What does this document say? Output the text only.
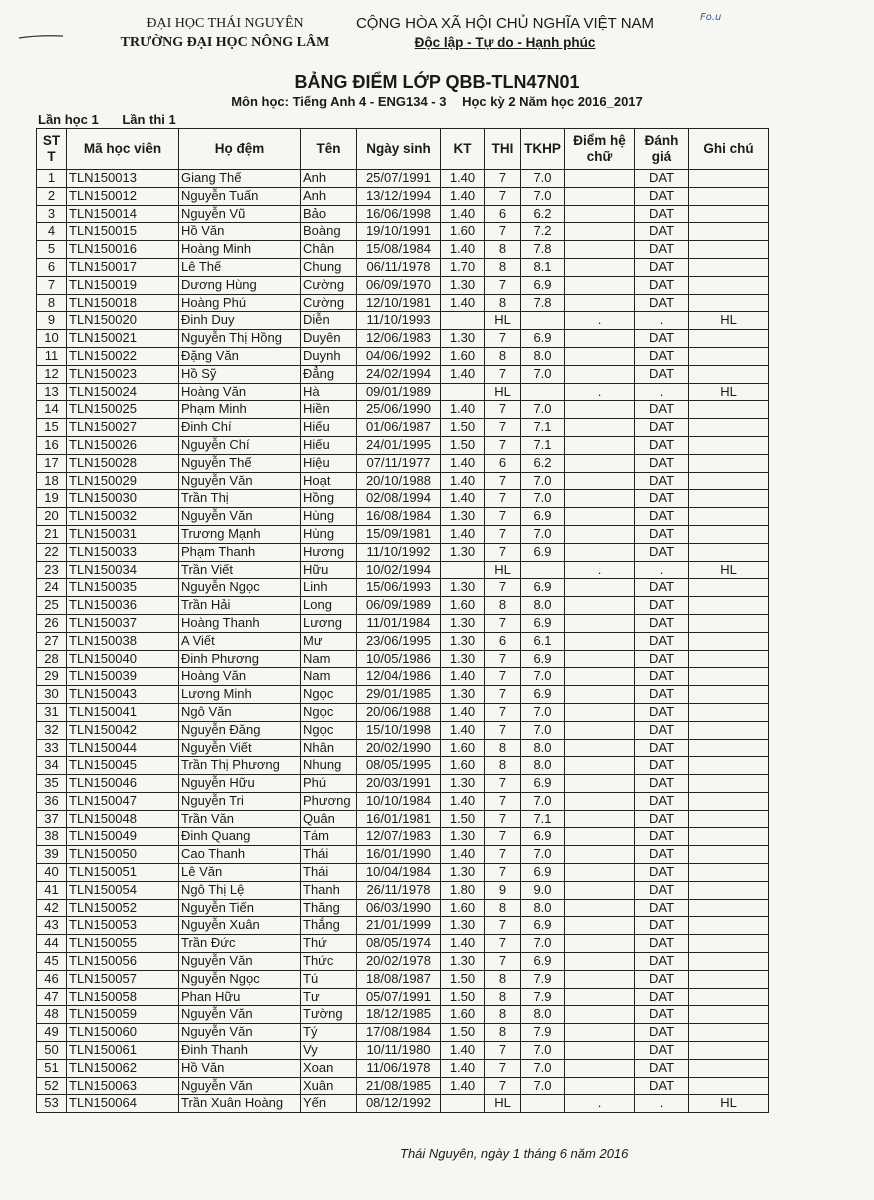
ĐẠI HỌC THÁI NGUYÊN
TRƯỜNG ĐẠI HỌC NÔNG LÂM
CỘNG HÒA XÃ HỘI CHỦ NGHĨA VIỆT NAM
Độc lập - Tự do - Hạnh phúc
Fo.u
BẢNG ĐIỂM LỚP QBB-TLN47N01
Môn học: Tiếng Anh 4 - ENG134 - 3 Học kỳ 2 Năm học 2016_2017
Lần học 1 Lần thi 1
ST T	Mã học viên	Họ đệm	Tên	Ngày sinh	KT	THI	TKHP	Điểm hệ chữ	Đánh giá	Ghi chú
1	TLN150013	Giang Thế	Anh	25/07/1991	1.40	7	7.0		DAT	
2	TLN150012	Nguyễn Tuấn	Anh	13/12/1994	1.40	7	7.0		DAT	
3	TLN150014	Nguyễn Vũ	Bảo	16/06/1998	1.40	6	6.2		DAT	
4	TLN150015	Hồ Văn	Boàng	19/10/1991	1.60	7	7.2		DAT	
5	TLN150016	Hoàng Minh	Chân	15/08/1984	1.40	8	7.8		DAT	
6	TLN150017	Lê Thế	Chung	06/11/1978	1.70	8	8.1		DAT	
7	TLN150019	Dương Hùng	Cường	06/09/1970	1.30	7	6.9		DAT	
8	TLN150018	Hoàng Phú	Cường	12/10/1981	1.40	8	7.8		DAT	
9	TLN150020	Đinh Duy	Diễn	11/10/1993		HL		.	.	HL
10	TLN150021	Nguyễn Thị Hồng	Duyên	12/06/1983	1.30	7	6.9		DAT	
11	TLN150022	Đặng Văn	Duynh	04/06/1992	1.60	8	8.0		DAT	
12	TLN150023	Hồ Sỹ	Đẳng	24/02/1994	1.40	7	7.0		DAT	
13	TLN150024	Hoàng Văn	Hà	09/01/1989		HL		.	.	HL
14	TLN150025	Phạm Minh	Hiền	25/06/1990	1.40	7	7.0		DAT	
15	TLN150027	Đinh Chí	Hiếu	01/06/1987	1.50	7	7.1		DAT	
16	TLN150026	Nguyễn Chí	Hiếu	24/01/1995	1.50	7	7.1		DAT	
17	TLN150028	Nguyễn Thế	Hiệu	07/11/1977	1.40	6	6.2		DAT	
18	TLN150029	Nguyễn Văn	Hoạt	20/10/1988	1.40	7	7.0		DAT	
19	TLN150030	Trần Thị	Hồng	02/08/1994	1.40	7	7.0		DAT	
20	TLN150032	Nguyễn Văn	Hùng	16/08/1984	1.30	7	6.9		DAT	
21	TLN150031	Trương Mạnh	Hùng	15/09/1981	1.40	7	7.0		DAT	
22	TLN150033	Phạm Thanh	Hương	11/10/1992	1.30	7	6.9		DAT	
23	TLN150034	Trần Viết	Hữu	10/02/1994		HL		.	.	HL
24	TLN150035	Nguyễn Ngọc	Linh	15/06/1993	1.30	7	6.9		DAT	
25	TLN150036	Trần Hải	Long	06/09/1989	1.60	8	8.0		DAT	
26	TLN150037	Hoàng Thanh	Lương	11/01/1984	1.30	7	6.9		DAT	
27	TLN150038	A Viết	Mư	23/06/1995	1.30	6	6.1		DAT	
28	TLN150040	Đinh Phương	Nam	10/05/1986	1.30	7	6.9		DAT	
29	TLN150039	Hoàng Văn	Nam	12/04/1986	1.40	7	7.0		DAT	
30	TLN150043	Lương Minh	Ngọc	29/01/1985	1.30	7	6.9		DAT	
31	TLN150041	Ngô Văn	Ngọc	20/06/1988	1.40	7	7.0		DAT	
32	TLN150042	Nguyễn Đăng	Ngọc	15/10/1998	1.40	7	7.0		DAT	
33	TLN150044	Nguyễn Viết	Nhân	20/02/1990	1.60	8	8.0		DAT	
34	TLN150045	Trần Thị Phương	Nhung	08/05/1995	1.60	8	8.0		DAT	
35	TLN150046	Nguyễn Hữu	Phú	20/03/1991	1.30	7	6.9		DAT	
36	TLN150047	Nguyễn Tri	Phương	10/10/1984	1.40	7	7.0		DAT	
37	TLN150048	Trần Văn	Quân	16/01/1981	1.50	7	7.1		DAT	
38	TLN150049	Đinh Quang	Tám	12/07/1983	1.30	7	6.9		DAT	
39	TLN150050	Cao Thanh	Thái	16/01/1990	1.40	7	7.0		DAT	
40	TLN150051	Lê Văn	Thái	10/04/1984	1.30	7	6.9		DAT	
41	TLN150054	Ngô Thị Lệ	Thanh	26/11/1978	1.80	9	9.0		DAT	
42	TLN150052	Nguyễn Tiến	Thăng	06/03/1990	1.60	8	8.0		DAT	
43	TLN150053	Nguyễn Xuân	Thắng	21/01/1999	1.30	7	6.9		DAT	
44	TLN150055	Trần Đức	Thứ	08/05/1974	1.40	7	7.0		DAT	
45	TLN150056	Nguyễn Văn	Thức	20/02/1978	1.30	7	6.9		DAT	
46	TLN150057	Nguyễn Ngọc	Tú	18/08/1987	1.50	8	7.9		DAT	
47	TLN150058	Phan Hữu	Tư	05/07/1991	1.50	8	7.9		DAT	
48	TLN150059	Nguyễn Văn	Tường	18/12/1985	1.60	8	8.0		DAT	
49	TLN150060	Nguyễn Văn	Tý	17/08/1984	1.50	8	7.9		DAT	
50	TLN150061	Đinh Thanh	Vy	10/11/1980	1.40	7	7.0		DAT	
51	TLN150062	Hồ Văn	Xoan	11/06/1978	1.40	7	7.0		DAT	
52	TLN150063	Nguyễn Văn	Xuân	21/08/1985	1.40	7	7.0		DAT	
53	TLN150064	Trần Xuân Hoàng	Yến	08/12/1992		HL		.	.	HL
Thái Nguyên, ngày 1 tháng 6 năm 2016
